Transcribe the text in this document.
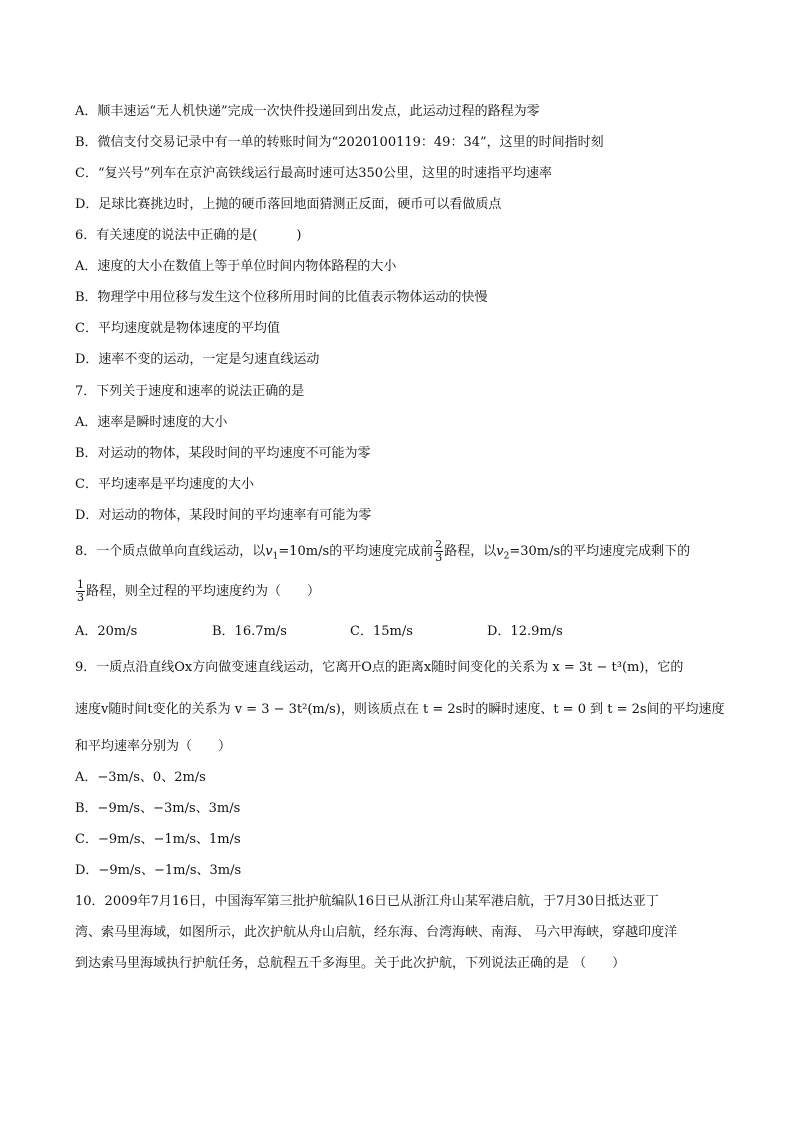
A．顺丰速运“无人机快递”完成一次快件投递回到出发点，此运动过程的路程为零
B．微信支付交易记录中有一单的转账时间为“2020100119：49：34”，这里的时间指时刻
C．“复兴号”列车在京沪高铁线运行最高时速可达350公里，这里的时速指平均速率
D．足球比赛挑边时，上抛的硬币落回地面猜测正反面，硬币可以看做质点
6．有关速度的说法中正确的是(　　　)
A．速度的大小在数值上等于单位时间内物体路程的大小
B．物理学中用位移与发生这个位移所用时间的比值表示物体运动的快慢
C．平均速度就是物体速度的平均值
D．速率不变的运动，一定是匀速直线运动
7．下列关于速度和速率的说法正确的是
A．速率是瞬时速度的大小
B．对运动的物体，某段时间的平均速度不可能为零
C．平均速率是平均速度的大小
D．对运动的物体，某段时间的平均速率有可能为零
8．一个质点做单向直线运动，以$v_1=10m/s$的平均速度完成前 $\frac{2}{3}$ 路程，以$v_2=30m/s$的平均速度完成剩下的
$\frac{1}{3}$ 路程，则全过程的平均速度约为（　　）
A．20m/s	B．16.7m/s	C．15m/s	D．12.9m/s
9．一质点沿直线Ox方向做变速直线运动，它离开O点的距离x随时间变化的关系为 x = 3t − t³(m)，它的
速度v随时间t变化的关系为 v = 3 − 3t²(m/s)，则该质点在 t = 2s时的瞬时速度、t = 0 到 t = 2s间的平均速度
和平均速率分别为（　　）
A．−3m/s、0、2m/s
B．−9m/s、−3m/s、3m/s
C．−9m/s、−1m/s、1m/s
D．−9m/s、−1m/s、3m/s
10．2009年7月16日，中国海军第三批护航编队16日已从浙江舟山某军港启航，于7月30日抵达亚丁
湾、索马里海域，如图所示，此次护航从舟山启航，经东海、台湾海峡、南海、 马六甲海峡，穿越印度洋
到达索马里海域执行护航任务，总航程五千多海里。关于此次护航，下列说法正确的是 （　　）
